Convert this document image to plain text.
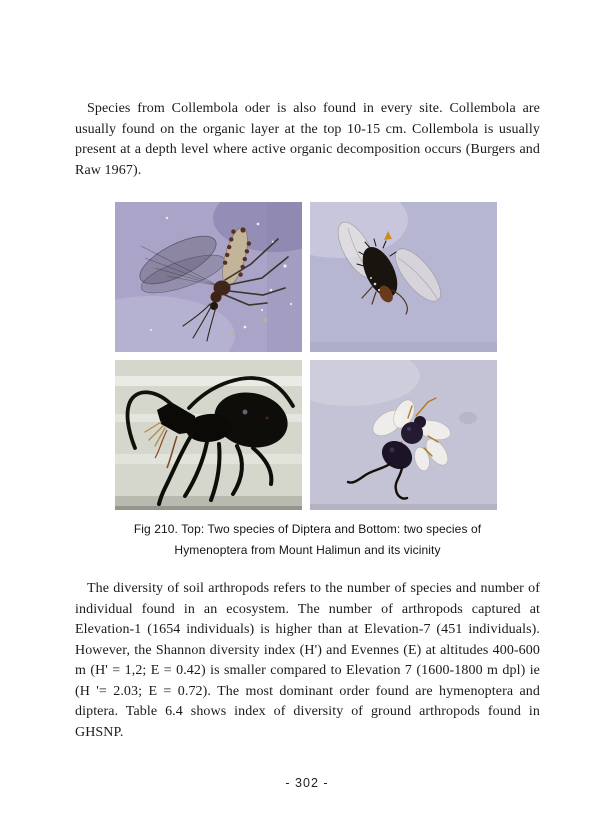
Species from Collembola oder is also found in every site. Collembola are usually found on the organic layer at the top 10-15 cm. Collembola is usually present at a depth level where active organic decomposition occurs (Burgers and Raw 1967).

Fig 210. Top: Two species of Diptera and Bottom: two species of
Hymenoptera from Mount Halimun and its vicinity

The diversity of soil arthropods refers to the number of species and number of individual found in an ecosystem. The number of arthropods captured at Elevation-1 (1654 individuals) is higher than at Elevation-7 (451 individuals). However, the Shannon diversity index (H') and Evennes (E) at altitudes 400-600 m (H' = 1,2; E = 0.42) is smaller compared to Elevation 7 (1600-1800 m dpl) ie (H '= 2.03; E = 0.72). The most dominant order found are hymenoptera and diptera. Table 6.4 shows index of diversity of ground arthropods found in GHSNP.

- 302 -
